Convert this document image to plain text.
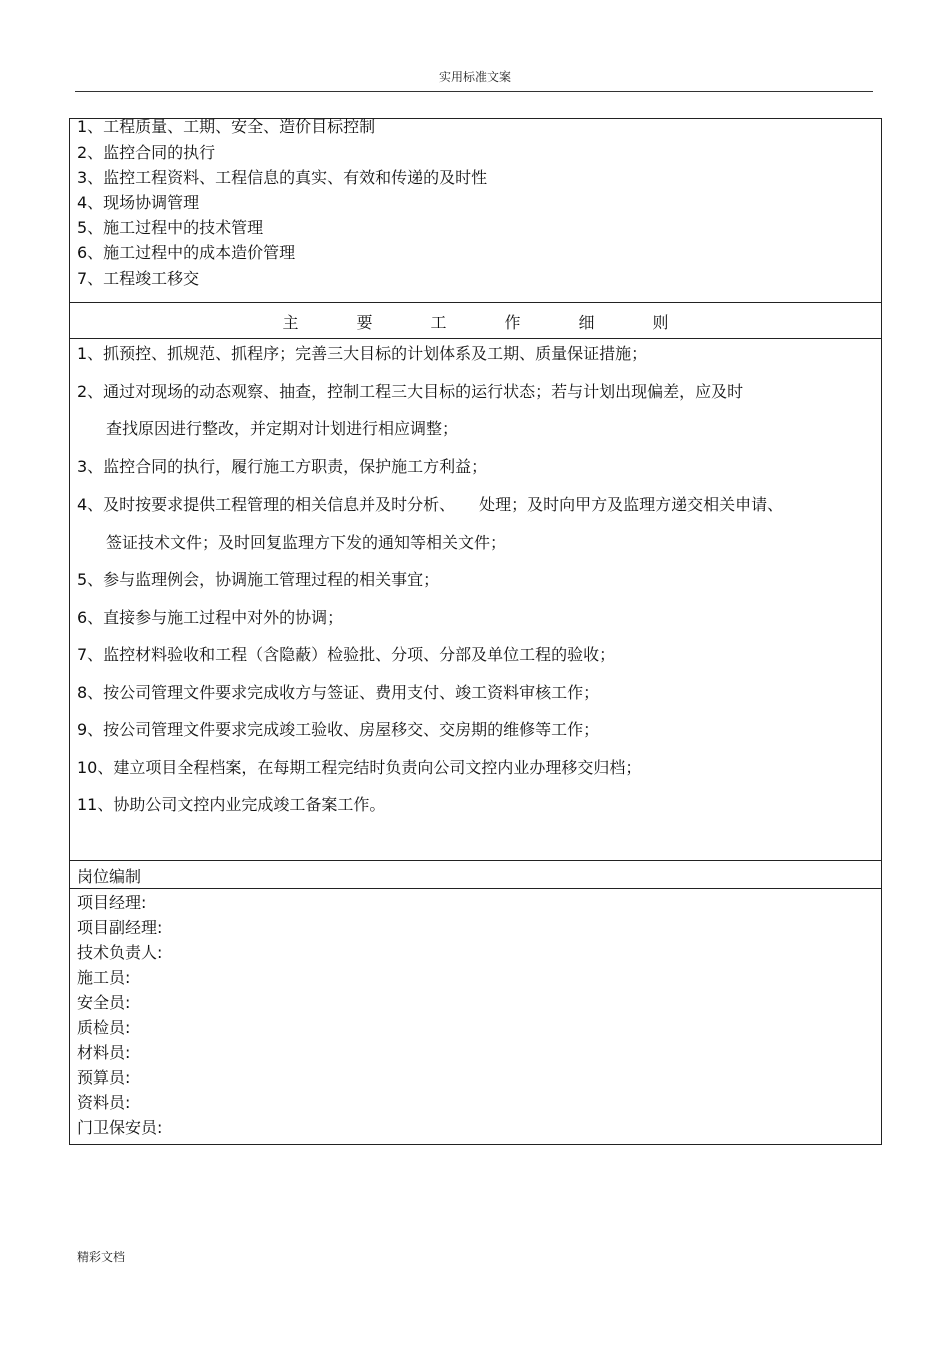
实用标准文案
1、工程质量、工期、安全、造价目标控制
2、监控合同的执行
3、监控工程资料、工程信息的真实、有效和传递的及时性
4、现场协调管理
5、施工过程中的技术管理
6、施工过程中的成本造价管理
7、工程竣工移交
主	要	工	作	细	则
1、抓预控、抓规范、抓程序；完善三大目标的计划体系及工期、质量保证措施；
2、通过对现场的动态观察、抽查，控制工程三大目标的运行状态；若与计划出现偏差，应及时
查找原因进行整改，并定期对计划进行相应调整；
3、监控合同的执行，履行施工方职责，保护施工方利益；
4、及时按要求提供工程管理的相关信息并及时分析、　　处理；及时向甲方及监理方递交相关申请、
签证技术文件；及时回复监理方下发的通知等相关文件；
5、参与监理例会，协调施工管理过程的相关事宜；
6、直接参与施工过程中对外的协调；
7、监控材料验收和工程（含隐蔽）检验批、分项、分部及单位工程的验收；
8、按公司管理文件要求完成收方与签证、费用支付、竣工资料审核工作；
9、按公司管理文件要求完成竣工验收、房屋移交、交房期的维修等工作；
10、建立项目全程档案，在每期工程完结时负责向公司文控内业办理移交归档；
11、协助公司文控内业完成竣工备案工作。
岗位编制
项目经理:
项目副经理:
技术负责人:
施工员:
安全员:
质检员:
材料员:
预算员:
资料员:
门卫保安员:
精彩文档
